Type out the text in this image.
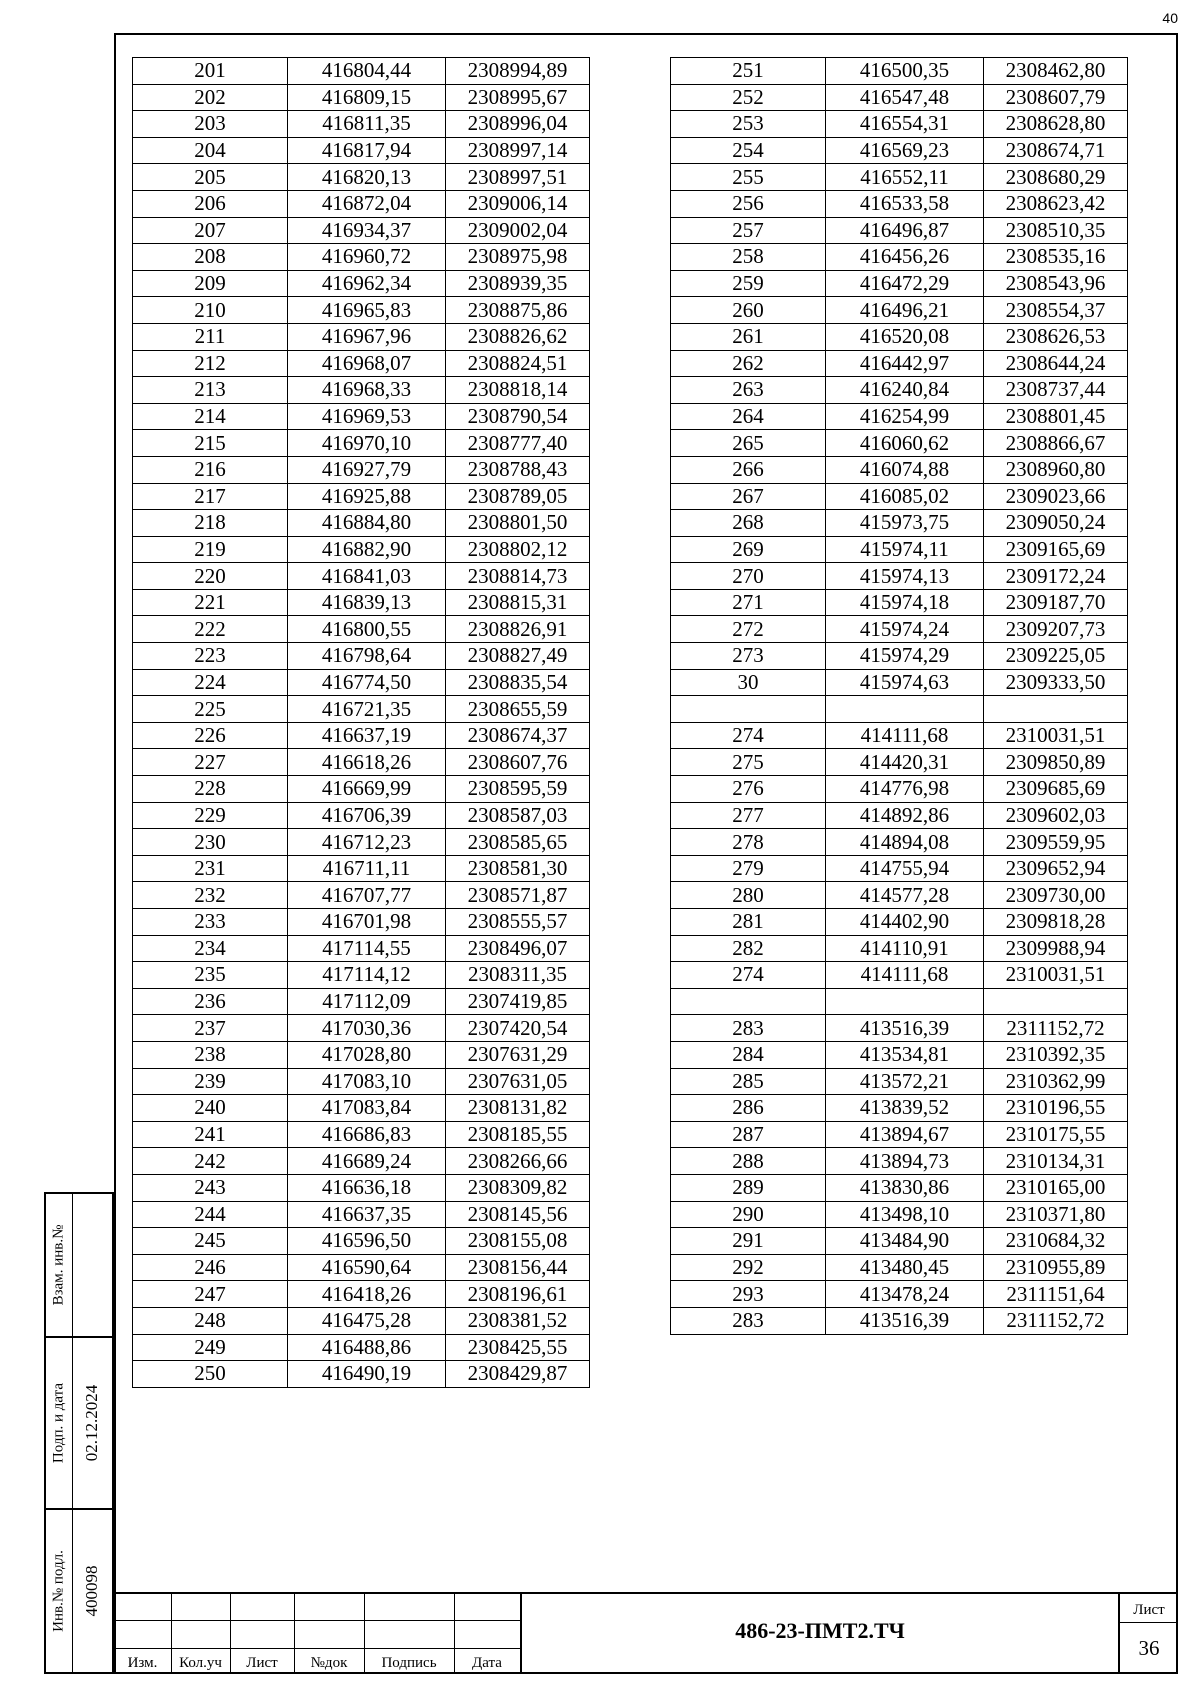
40
201	416804,44	2308994,89
202	416809,15	2308995,67
203	416811,35	2308996,04
204	416817,94	2308997,14
205	416820,13	2308997,51
206	416872,04	2309006,14
207	416934,37	2309002,04
208	416960,72	2308975,98
209	416962,34	2308939,35
210	416965,83	2308875,86
211	416967,96	2308826,62
212	416968,07	2308824,51
213	416968,33	2308818,14
214	416969,53	2308790,54
215	416970,10	2308777,40
216	416927,79	2308788,43
217	416925,88	2308789,05
218	416884,80	2308801,50
219	416882,90	2308802,12
220	416841,03	2308814,73
221	416839,13	2308815,31
222	416800,55	2308826,91
223	416798,64	2308827,49
224	416774,50	2308835,54
225	416721,35	2308655,59
226	416637,19	2308674,37
227	416618,26	2308607,76
228	416669,99	2308595,59
229	416706,39	2308587,03
230	416712,23	2308585,65
231	416711,11	2308581,30
232	416707,77	2308571,87
233	416701,98	2308555,57
234	417114,55	2308496,07
235	417114,12	2308311,35
236	417112,09	2307419,85
237	417030,36	2307420,54
238	417028,80	2307631,29
239	417083,10	2307631,05
240	417083,84	2308131,82
241	416686,83	2308185,55
242	416689,24	2308266,66
243	416636,18	2308309,82
244	416637,35	2308145,56
245	416596,50	2308155,08
246	416590,64	2308156,44
247	416418,26	2308196,61
248	416475,28	2308381,52
249	416488,86	2308425,55
250	416490,19	2308429,87
251	416500,35	2308462,80
252	416547,48	2308607,79
253	416554,31	2308628,80
254	416569,23	2308674,71
255	416552,11	2308680,29
256	416533,58	2308623,42
257	416496,87	2308510,35
258	416456,26	2308535,16
259	416472,29	2308543,96
260	416496,21	2308554,37
261	416520,08	2308626,53
262	416442,97	2308644,24
263	416240,84	2308737,44
264	416254,99	2308801,45
265	416060,62	2308866,67
266	416074,88	2308960,80
267	416085,02	2309023,66
268	415973,75	2309050,24
269	415974,11	2309165,69
270	415974,13	2309172,24
271	415974,18	2309187,70
272	415974,24	2309207,73
273	415974,29	2309225,05
30	415974,63	2309333,50

274	414111,68	2310031,51
275	414420,31	2309850,89
276	414776,98	2309685,69
277	414892,86	2309602,03
278	414894,08	2309559,95
279	414755,94	2309652,94
280	414577,28	2309730,00
281	414402,90	2309818,28
282	414110,91	2309988,94
274	414111,68	2310031,51

283	413516,39	2311152,72
284	413534,81	2310392,35
285	413572,21	2310362,99
286	413839,52	2310196,55
287	413894,67	2310175,55
288	413894,73	2310134,31
289	413830,86	2310165,00
290	413498,10	2310371,80
291	413484,90	2310684,32
292	413480,45	2310955,89
293	413478,24	2311151,64
283	413516,39	2311152,72
Взам. инв.№
Подп. и дата 02.12.2024
Инв.№ подл. 400098
Изм.	Кол.уч	Лист	№док	Подпись	Дата
486-23-ПМТ2.ТЧ
Лист
36
